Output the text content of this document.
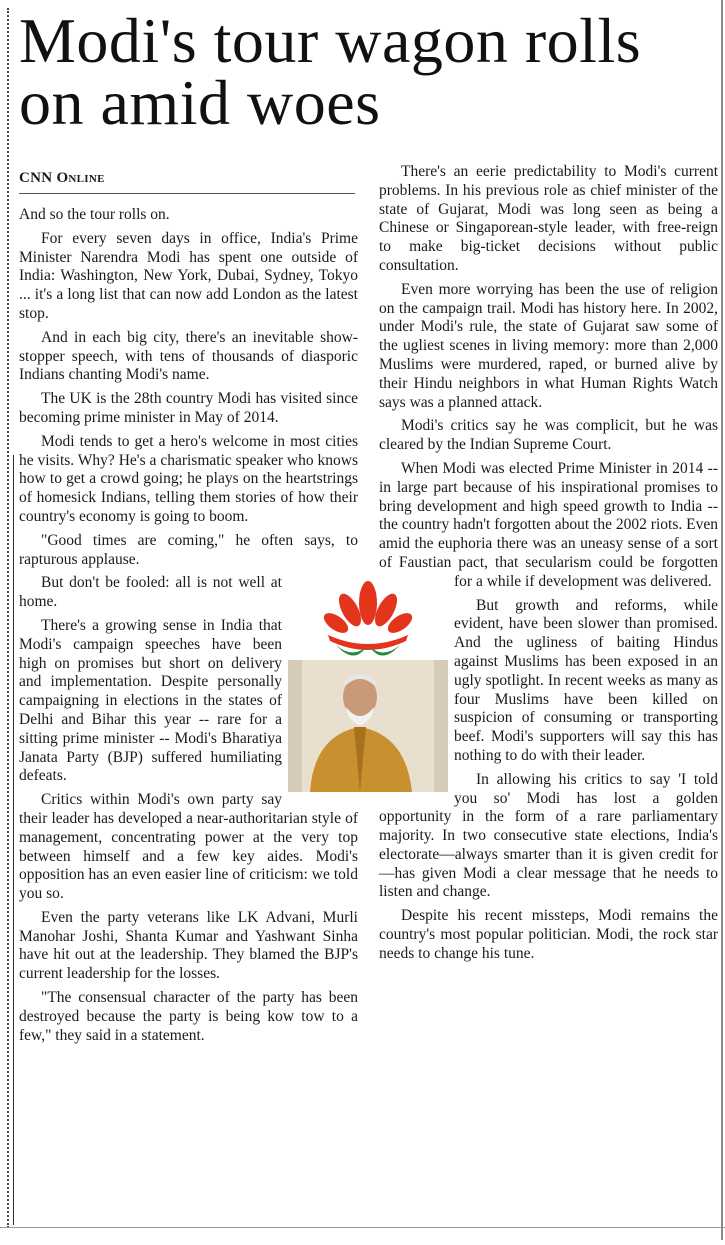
Modi's tour wagon rolls on amid woes
CNN Online

And so the tour rolls on.

For every seven days in office, India's Prime Minister Narendra Modi has spent one outside of India: Washington, New York, Dubai, Sydney, Tokyo ... it's a long list that can now add London as the latest stop.

And in each big city, there's an inevitable show-stopper speech, with tens of thousands of diasporic Indians chanting Modi's name.

The UK is the 28th country Modi has visited since becoming prime minister in May of 2014.

Modi tends to get a hero's welcome in most cities he visits. Why? He's a charismatic speaker who knows how to get a crowd going; he plays on the heartstrings of homesick Indians, telling them stories of how their country's economy is going to boom.

"Good times are coming," he often says, to rapturous applause.

But don't be fooled: all is not well at home.

There's a growing sense in India that Modi's campaign speeches have been high on promises but short on delivery and implementation. Despite personally campaigning in elections in the states of Delhi and Bihar this year -- rare for a sitting prime minister -- Modi's Bharatiya Janata Party (BJP) suffered humiliating defeats.

Critics within Modi's own party say their leader has developed a near-authoritarian style of management, concentrating power at the very top between himself and a few key aides. Modi's opposition has an even easier line of criticism: we told you so.

Even the party veterans like LK Advani, Murli Manohar Joshi, Shanta Kumar and Yashwant Sinha have hit out at the leadership. They blamed the BJP's current leadership for the losses.

"The consensual character of the party has been destroyed because the party is being kow tow to a few," they said in a statement.

There's an eerie predictability to Modi's current problems. In his previous role as chief minister of the state of Gujarat, Modi was long seen as being a Chinese or Singaporean-style leader, with free-reign to make big-ticket decisions without public consultation.

Even more worrying has been the use of religion on the campaign trail. Modi has history here. In 2002, under Modi's rule, the state of Gujarat saw some of the ugliest scenes in living memory: more than 2,000 Muslims were murdered, raped, or burned alive by their Hindu neighbors in what Human Rights Watch says was a planned attack.

Modi's critics say he was complicit, but he was cleared by the Indian Supreme Court.

When Modi was elected Prime Minister in 2014 -- in large part because of his inspirational promises to bring development and high speed growth to India -- the country hadn't forgotten about the 2002 riots. Even amid the euphoria there was an uneasy sense of a sort of Faustian pact, that secularism could be forgotten for a while if development was delivered.

But growth and reforms, while evident, have been slower than promised. And the ugliness of baiting Hindus against Muslims has been exposed in an ugly spotlight. In recent weeks as many as four Muslims have been killed on suspicion of consuming or transporting beef. Modi's supporters will say this has nothing to do with their leader.

In allowing his critics to say 'I told you so' Modi has lost a golden opportunity in the form of a rare parliamentary majority. In two consecutive state elections, India's electorate—always smarter than it is given credit for—has given Modi a clear message that he needs to listen and change.

Despite his recent missteps, Modi remains the country's most popular politician. Modi, the rock star needs to change his tune.
